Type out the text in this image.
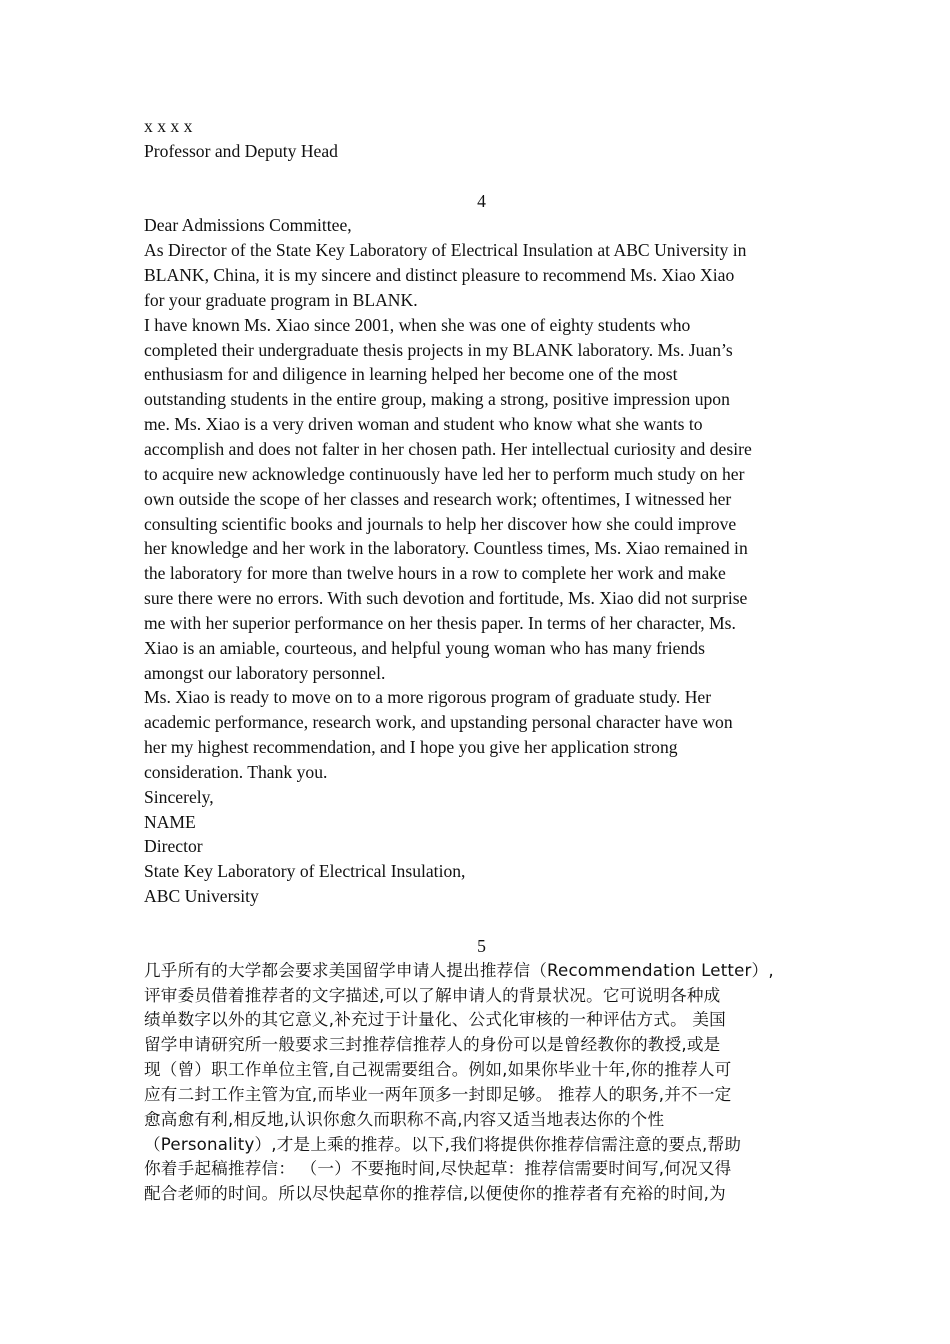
x x x x
Professor and Deputy Head
4
Dear Admissions Committee,
As Director of the State Key Laboratory of Electrical Insulation at ABC University in
BLANK, China, it is my sincere and distinct pleasure to recommend Ms. Xiao Xiao
for your graduate program in BLANK.
I have known Ms. Xiao since 2001, when she was one of eighty students who
completed their undergraduate thesis projects in my BLANK laboratory. Ms. Juan’s
enthusiasm for and diligence in learning helped her become one of the most
outstanding students in the entire group, making a strong, positive impression upon
me. Ms. Xiao is a very driven woman and student who know what she wants to
accomplish and does not falter in her chosen path. Her intellectual curiosity and desire
to acquire new acknowledge continuously have led her to perform much study on her
own outside the scope of her classes and research work; oftentimes, I witnessed her
consulting scientific books and journals to help her discover how she could improve
her knowledge and her work in the laboratory. Countless times, Ms. Xiao remained in
the laboratory for more than twelve hours in a row to complete her work and make
sure there were no errors. With such devotion and fortitude, Ms. Xiao did not surprise
me with her superior performance on her thesis paper. In terms of her character, Ms.
Xiao is an amiable, courteous, and helpful young woman who has many friends
amongst our laboratory personnel.
Ms. Xiao is ready to move on to a more rigorous program of graduate study. Her
academic performance, research work, and upstanding personal character have won
her my highest recommendation, and I hope you give her application strong
consideration. Thank you.
Sincerely,
NAME
Director
State Key Laboratory of Electrical Insulation,
ABC University
5
几乎所有的大学都会要求美国留学申请人提出推荐信（Recommendation Letter）,
评审委员借着推荐者的文字描述,可以了解申请人的背景状况。它可说明各种成
绩单数字以外的其它意义,补充过于计量化、公式化审核的一种评估方式。 美国
留学申请研究所一般要求三封推荐信推荐人的身份可以是曾经教你的教授,或是
现（曾）职工作单位主管,自己视需要组合。例如,如果你毕业十年,你的推荐人可
应有二封工作主管为宜,而毕业一两年顶多一封即足够。 推荐人的职务,并不一定
愈高愈有利,相反地,认识你愈久而职称不高,内容又适当地表达你的个性
（Personality）,才是上乘的推荐。以下,我们将提供你推荐信需注意的要点,帮助
你着手起稿推荐信： （一）不要拖时间,尽快起草：推荐信需要时间写,何况又得
配合老师的时间。所以尽快起草你的推荐信,以便使你的推荐者有充裕的时间,为
